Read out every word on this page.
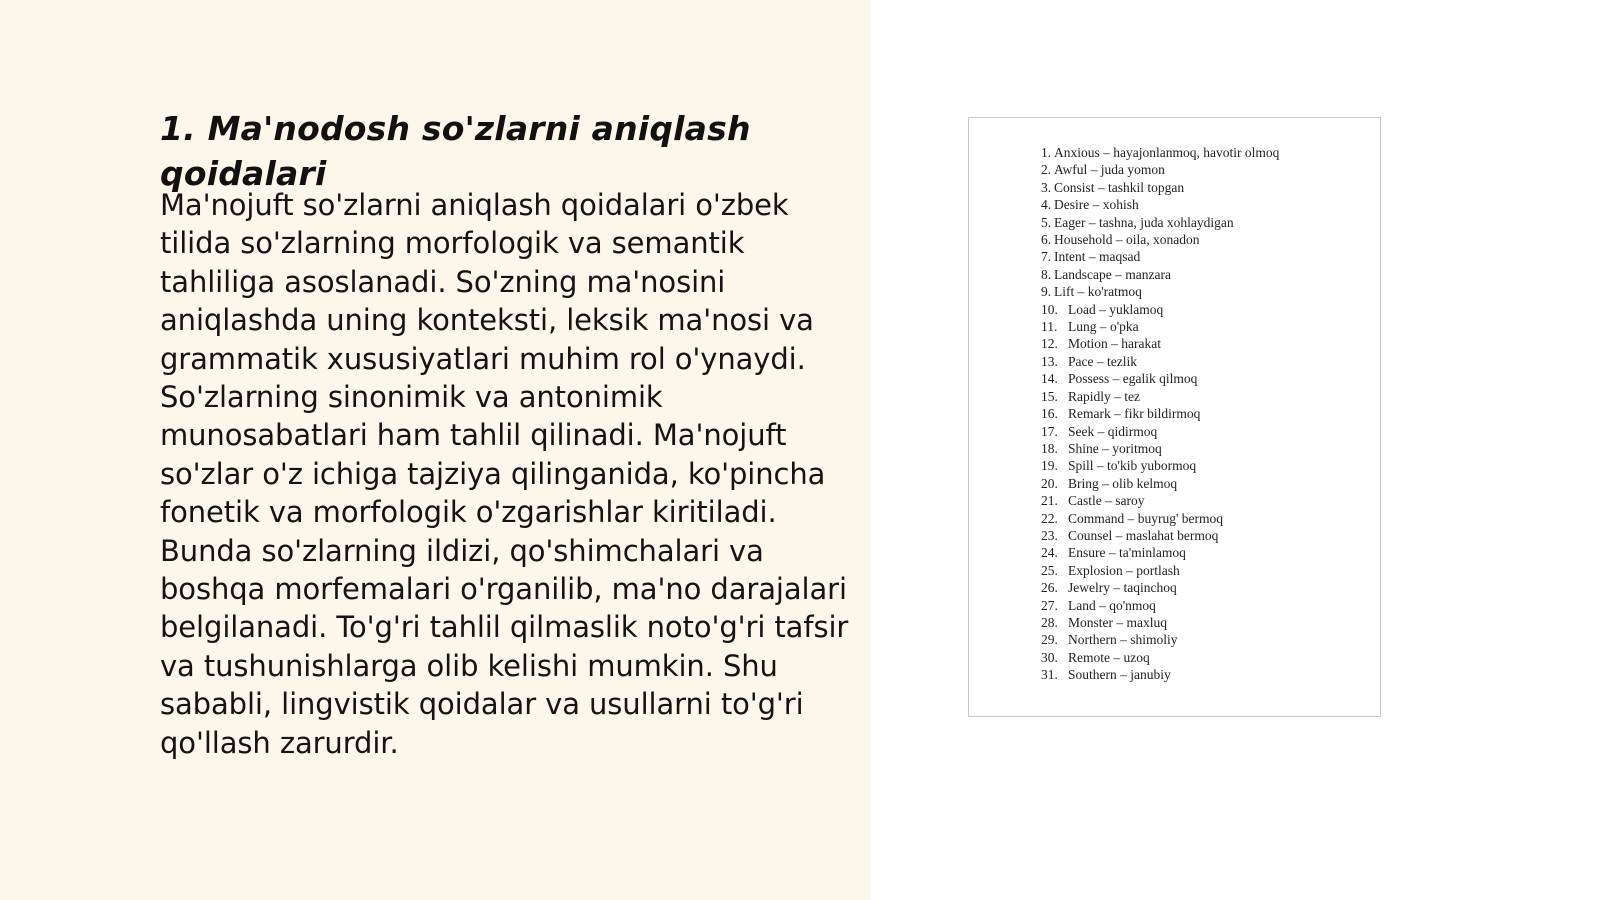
1. Ma'nodosh so'zlarni aniqlash qoidalari

Ma'nojuft so'zlarni aniqlash qoidalari o'zbek tilida so'zlarning morfologik va semantik tahliliga asoslanadi. So'zning ma'nosini aniqlashda uning konteksti, leksik ma'nosi va grammatik xususiyatlari muhim rol o'ynaydi. So'zlarning sinonimik va antonimik munosabatlari ham tahlil qilinadi. Ma'nojuft so'zlar o'z ichiga tajziya qilinganida, ko'pincha fonetik va morfologik o'zgarishlar kiritiladi. Bunda so'zlarning ildizi, qo'shimchalari va boshqa morfemalari o'rganilib, ma'no darajalari belgilanadi. To'g'ri tahlil qilmaslik noto'g'ri tafsir va tushunishlarga olib kelishi mumkin. Shu sababli, lingvistik qoidalar va usullarni to'g'ri qo'llash zarurdir.

1. Anxious – hayajonlanmoq, havotir olmoq
2. Awful – juda yomon
3. Consist – tashkil topgan
4. Desire – xohish
5. Eager – tashna, juda xohlaydigan
6. Household – oila, xonadon
7. Intent – maqsad
8. Landscape – manzara
9. Lift – ko'ratmoq
10. Load – yuklamoq
11. Lung – o'pka
12. Motion – harakat
13. Pace – tezlik
14. Possess – egalik qilmoq
15. Rapidly – tez
16. Remark – fikr bildirmoq
17. Seek – qidirmoq
18. Shine – yoritmoq
19. Spill – to'kib yubormoq
20. Bring – olib kelmoq
21. Castle – saroy
22. Command – buyrug' bermoq
23. Counsel – maslahat bermoq
24. Ensure – ta'minlamoq
25. Explosion – portlash
26. Jewelry – taqinchoq
27. Land – qo'nmoq
28. Monster – maxluq
29. Northern – shimoliy
30. Remote – uzoq
31. Southern – janubiy
